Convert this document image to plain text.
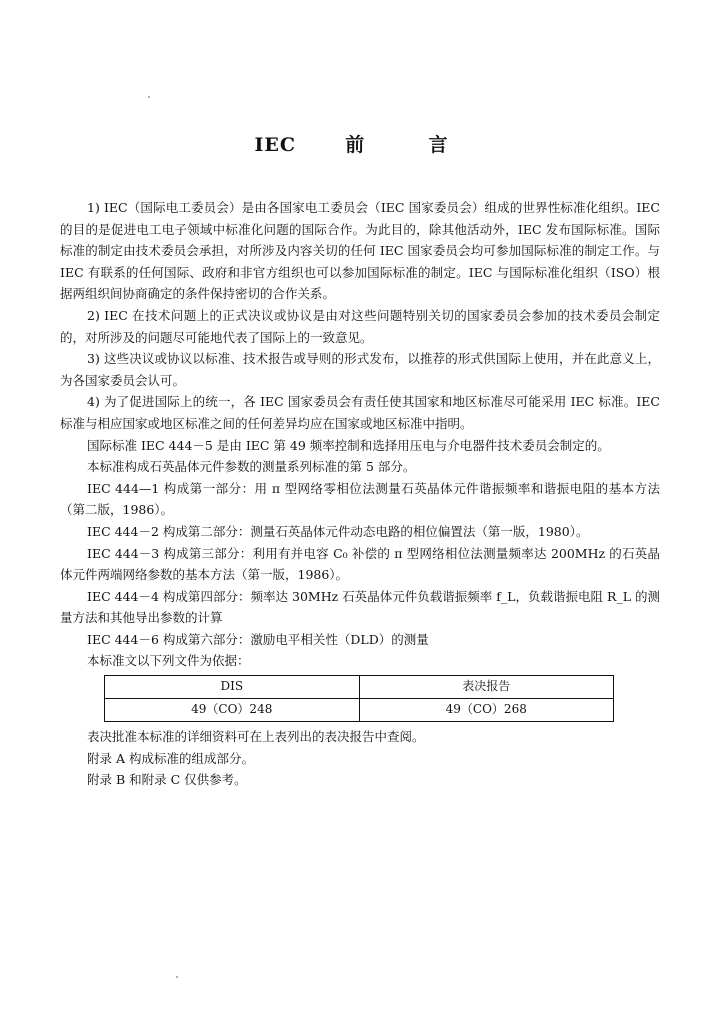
IEC	前	言

1) IEC（国际电工委员会）是由各国家电工委员会（IEC 国家委员会）组成的世界性标准化组织。IEC 的目的是促进电工电子领域中标准化问题的国际合作。为此目的，除其他活动外，IEC 发布国际标准。国际标准的制定由技术委员会承担，对所涉及内容关切的任何 IEC 国家委员会均可参加国际标准的制定工作。与 IEC 有联系的任何国际、政府和非官方组织也可以参加国际标准的制定。IEC 与国际标准化组织（ISO）根据两组织间协商确定的条件保持密切的合作关系。

2) IEC 在技术问题上的正式决议或协议是由对这些问题特别关切的国家委员会参加的技术委员会制定的，对所涉及的问题尽可能地代表了国际上的一致意见。

3) 这些决议或协议以标准、技术报告或导则的形式发布，以推荐的形式供国际上使用，并在此意义上，为各国家委员会认可。

4) 为了促进国际上的统一，各 IEC 国家委员会有责任使其国家和地区标准尽可能采用 IEC 标准。IEC 标准与相应国家或地区标准之间的任何差异均应在国家或地区标准中指明。

国际标准 IEC 444－5 是由 IEC 第 49 频率控制和选择用压电与介电器件技术委员会制定的。

本标准构成石英晶体元件参数的测量系列标准的第 5 部分。

IEC 444—1 构成第一部分：用 π 型网络零相位法测量石英晶体元件谐振频率和谐振电阻的基本方法（第二版，1986）。

IEC 444－2 构成第二部分：测量石英晶体元件动态电路的相位偏置法（第一版，1980）。

IEC 444－3 构成第三部分：利用有并电容 C₀ 补偿的 π 型网络相位法测量频率达 200MHz 的石英晶体元件两端网络参数的基本方法（第一版，1986）。

IEC 444－4 构成第四部分：频率达 30MHz 石英晶体元件负载谐振频率 f_L，负载谐振电阻 R_L 的测量方法和其他导出参数的计算

IEC 444－6 构成第六部分：激励电平相关性（DLD）的测量

本标准文以下列文件为依据：

DIS	表决报告
49（CO）248	49（CO）268

表决批准本标准的详细资料可在上表列出的表决报告中查阅。

附录 A 构成标准的组成部分。

附录 B 和附录 C 仅供参考。
